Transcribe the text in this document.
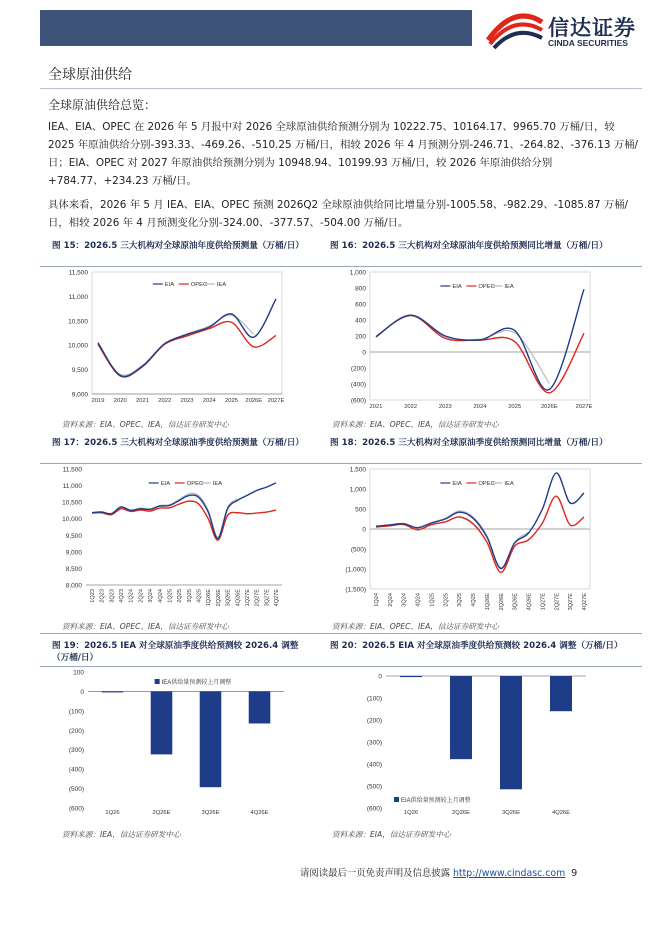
信达证券
CINDA SECURITIES
全球原油供给
全球原油供给总览：
IEA、EIA、OPEC 在 2026 年 5 月报中对 2026 全球原油供给预测分别为 10222.75、10164.17、9965.70 万桶/日，较 2025 年原油供给分别-393.33、-469.26、-510.25 万桶/日，相较 2026 年 4 月预测分别-246.71、-264.82、-376.13 万桶/日；EIA、OPEC 对 2027 年原油供给预测分别为 10948.94、10199.93 万桶/日，较 2026 年原油供给分别+784.77、+234.23 万桶/日。
具体来看，2026 年 5 月 IEA、EIA、OPEC 预测 2026Q2 全球原油供给同比增量分别-1005.58、-982.29、-1085.87 万桶/日，相较 2026 年 4 月预测变化分别-324.00、-377.57、-504.00 万桶/日。
图 15：2026.5 三大机构对全球原油年度供给预测量（万桶/日）	图 16：2026.5 三大机构对全球原油年度供给预测同比增量（万桶/日）
图 17：2026.5 三大机构对全球原油季度供给预测量（万桶/日）	图 18：2026.5 三大机构对全球原油季度供给预测同比增量（万桶/日）
图 19：2026.5 IEA 对全球原油季度供给预测较 2026.4 调整（万桶/日）
图 20：2026.5 EIA 对全球原油季度供给预测较 2026.4 调整（万桶/日）
9,000
9,500
10,000
10,500
11,000
11,500
2019 2020 2021 2022 2023 2024 2025 2026E 2027E
EIA	OPEC IEA
1,000
800
600
400
200
0
(200)
(400)
(600)
2021	2022	2023	2024	2025	2026E	2027E
EIA	OPEC IEA
11,500
11,000
10,500
10,000
9,500
9,000
8,500
8,000
1Q23 2Q23 3Q23 4Q23 1Q24 2Q24 3Q24 4Q24 1Q25 2Q25 3Q25 4Q25 1Q26E 2Q26E 3Q26E 4Q26E 1Q27E 2Q27E 3Q27E 4Q27E
EIA	OPEC IEA
1,500
1,000
500
0
(500)
(1,000)
(1,500)
1Q24 2Q24 3Q24 4Q24 1Q25 2Q25 3Q25 4Q25 1Q26E 2Q26E 3Q26E 4Q26E 1Q27E 2Q27E 3Q27E 4Q27E
EIA	OPEC IEA
100
0
(100)
(200)
(300)
(400)
(500)
(600)
1Q26	2Q26E	3Q26E	4Q26E
IEA供给量预测较上月调整
0
(100)
(200)
(300)
(400)
(500)
(600)
1Q26	2Q26E	3Q26E	4Q26E
EIA供给量预测较上月调整
资料来源：EIA、OPEC、IEA，信达证券研发中心	资料来源：EIA、OPEC、IEA，信达证券研发中心
资料来源：EIA、OPEC、IEA，信达证券研发中心	资料来源：EIA、OPEC、IEA，信达证券研发中心
资料来源：IEA，信达证券研发中心	资料来源：EIA，信达证券研发中心
请阅读最后一页免责声明及信息披露 http://www.cindasc.com 9
